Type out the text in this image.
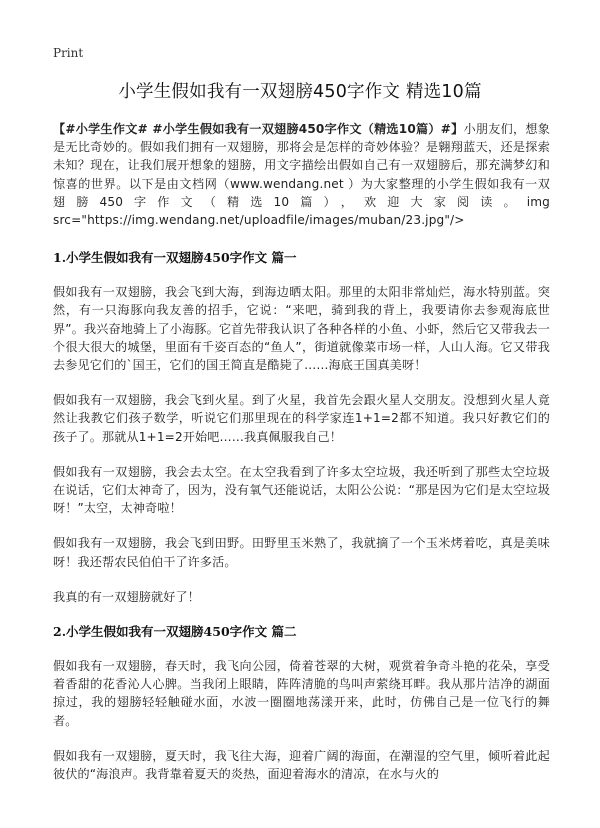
Print
小学生假如我有一双翅膀450字作文 精选10篇

【#小学生作文# #小学生假如我有一双翅膀450字作文（精选10篇）#】小朋友们，想象是无比奇妙的。假如我们拥有一双翅膀，那将会是怎样的奇妙体验？是翱翔蓝天，还是探索未知？现在，让我们展开想象的翅膀，用文字描绘出假如自己有一双翅膀后，那充满梦幻和惊喜的世界。以下是由文档网（www.wendang.net ）为大家整理的小学生假如我有一双翅膀450字作文（精选10篇），欢迎大家阅读。img src="https://img.wendang.net/uploadfile/images/muban/23.jpg"/>

1.小学生假如我有一双翅膀450字作文 篇一

假如我有一双翅膀，我会飞到大海，到海边晒太阳。那里的太阳非常灿烂，海水特别蓝。突然，有一只海豚向我友善的招手，它说：“来吧，骑到我的背上，我要请你去参观海底世界”。我兴奋地骑上了小海豚。它首先带我认识了各种各样的小鱼、小虾，然后它又带我去一个很大很大的城堡，里面有千姿百态的“鱼人”，街道就像菜市场一样，人山人海。它又带我去参见它们的`国王，它们的国王简直是酷毙了……海底王国真美呀！

假如我有一双翅膀，我会飞到火星。到了火星，我首先会跟火星人交朋友。没想到火星人竟然让我教它们孩子数学，听说它们那里现在的科学家连1+1=2都不知道。我只好教它们的孩子了。那就从1+1=2开始吧……我真佩服我自己！

假如我有一双翅膀，我会去太空。在太空我看到了许多太空垃圾，我还听到了那些太空垃圾在说话，它们太神奇了，因为，没有氧气还能说话，太阳公公说：“那是因为它们是太空垃圾呀！”太空，太神奇啦！

假如我有一双翅膀，我会飞到田野。田野里玉米熟了，我就摘了一个玉米烤着吃，真是美味呀！我还帮农民伯伯干了许多活。

我真的有一双翅膀就好了！

2.小学生假如我有一双翅膀450字作文 篇二

假如我有一双翅膀，春天时，我飞向公园，倚着苍翠的大树，观赏着争奇斗艳的花朵，享受着香甜的花香沁人心脾。当我闭上眼睛，阵阵清脆的鸟叫声萦绕耳畔。我从那片洁净的湖面掠过，我的翅膀轻轻触碰水面，水波一圈圈地荡漾开来，此时，仿佛自己是一位飞行的舞者。

假如我有一双翅膀，夏天时，我飞往大海，迎着广阔的海面，在潮湿的空气里，倾听着此起彼伏的“海浪声。我背靠着夏天的炎热，面迎着海水的清凉，在水与火的
